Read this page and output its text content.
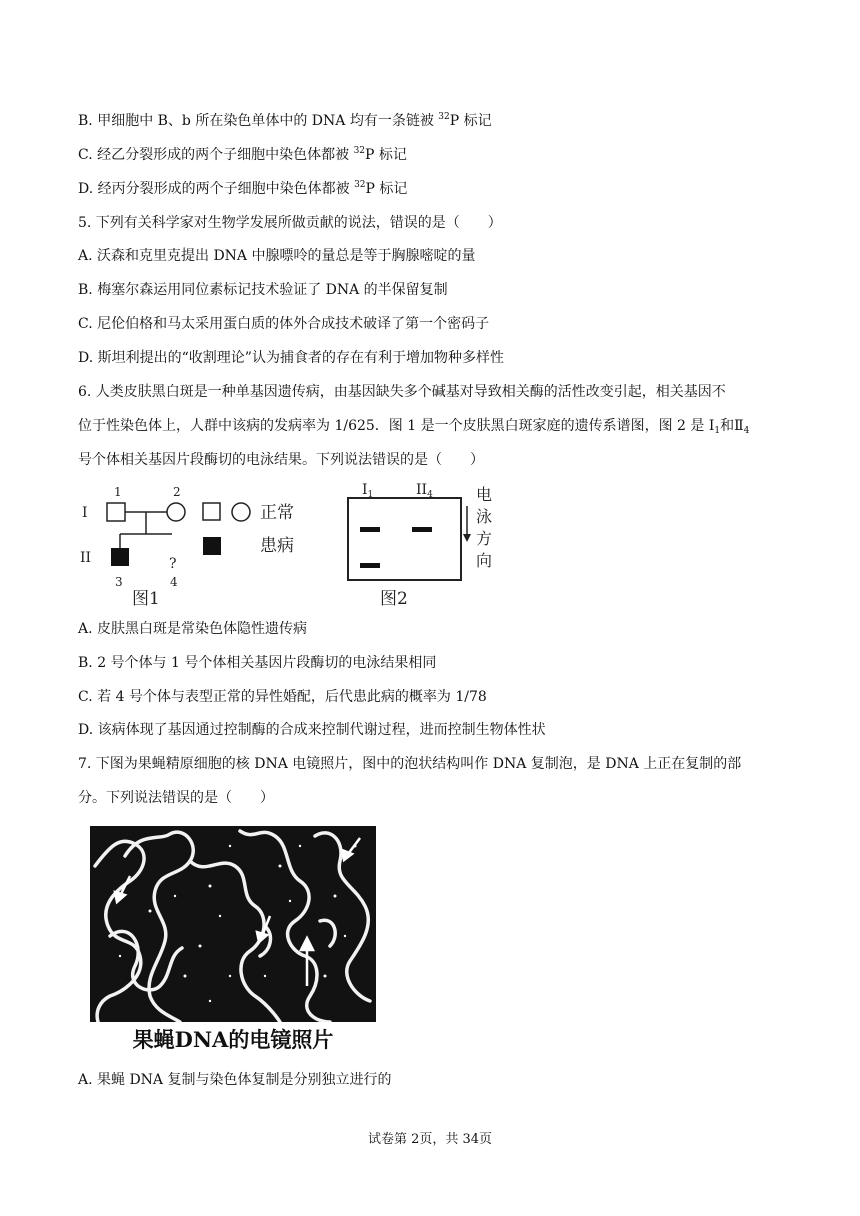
B. 甲细胞中 B、b 所在染色单体中的 DNA 均有一条链被 $^{32}$P 标记
C. 经乙分裂形成的两个子细胞中染色体都被 $^{32}$P 标记
D. 经丙分裂形成的两个子细胞中染色体都被 $^{32}$P 标记
5. 下列有关科学家对生物学发展所做贡献的说法，错误的是（　　）
A. 沃森和克里克提出 DNA 中腺嘌呤的量总是等于胸腺嘧啶的量
B. 梅塞尔森运用同位素标记技术验证了 DNA 的半保留复制
C. 尼伦伯格和马太采用蛋白质的体外合成技术破译了第一个密码子
D. 斯坦利提出的“收割理论”认为捕食者的存在有利于增加物种多样性
6. 人类皮肤黑白斑是一种单基因遗传病，由基因缺失多个碱基对导致相关酶的活性改变引起，相关基因不
位于性染色体上，人群中该病的发病率为 1/625．图 1 是一个皮肤黑白斑家庭的遗传系谱图，图 2 是 $I_1$和$Ⅱ_4$
号个体相关基因片段酶切的电泳结果。下列说法错误的是（　　）
I
II
1	2
3
?
4
正常
患病
图1
$I_1$	$II_4$
图2
电
泳
方
向
A. 皮肤黑白斑是常染色体隐性遗传病
B. 2 号个体与 1 号个体相关基因片段酶切的电泳结果相同
C. 若 4 号个体与表型正常的异性婚配，后代患此病的概率为 1/78
D. 该病体现了基因通过控制酶的合成来控制代谢过程，进而控制生物体性状
7. 下图为果蝇精原细胞的核 DNA 电镜照片，图中的泡状结构叫作 DNA 复制泡，是 DNA 上正在复制的部
分。下列说法错误的是（　　）
果蝇DNA的电镜照片
A. 果蝇 DNA 复制与染色体复制是分别独立进行的
试卷第 2页，共 34页
